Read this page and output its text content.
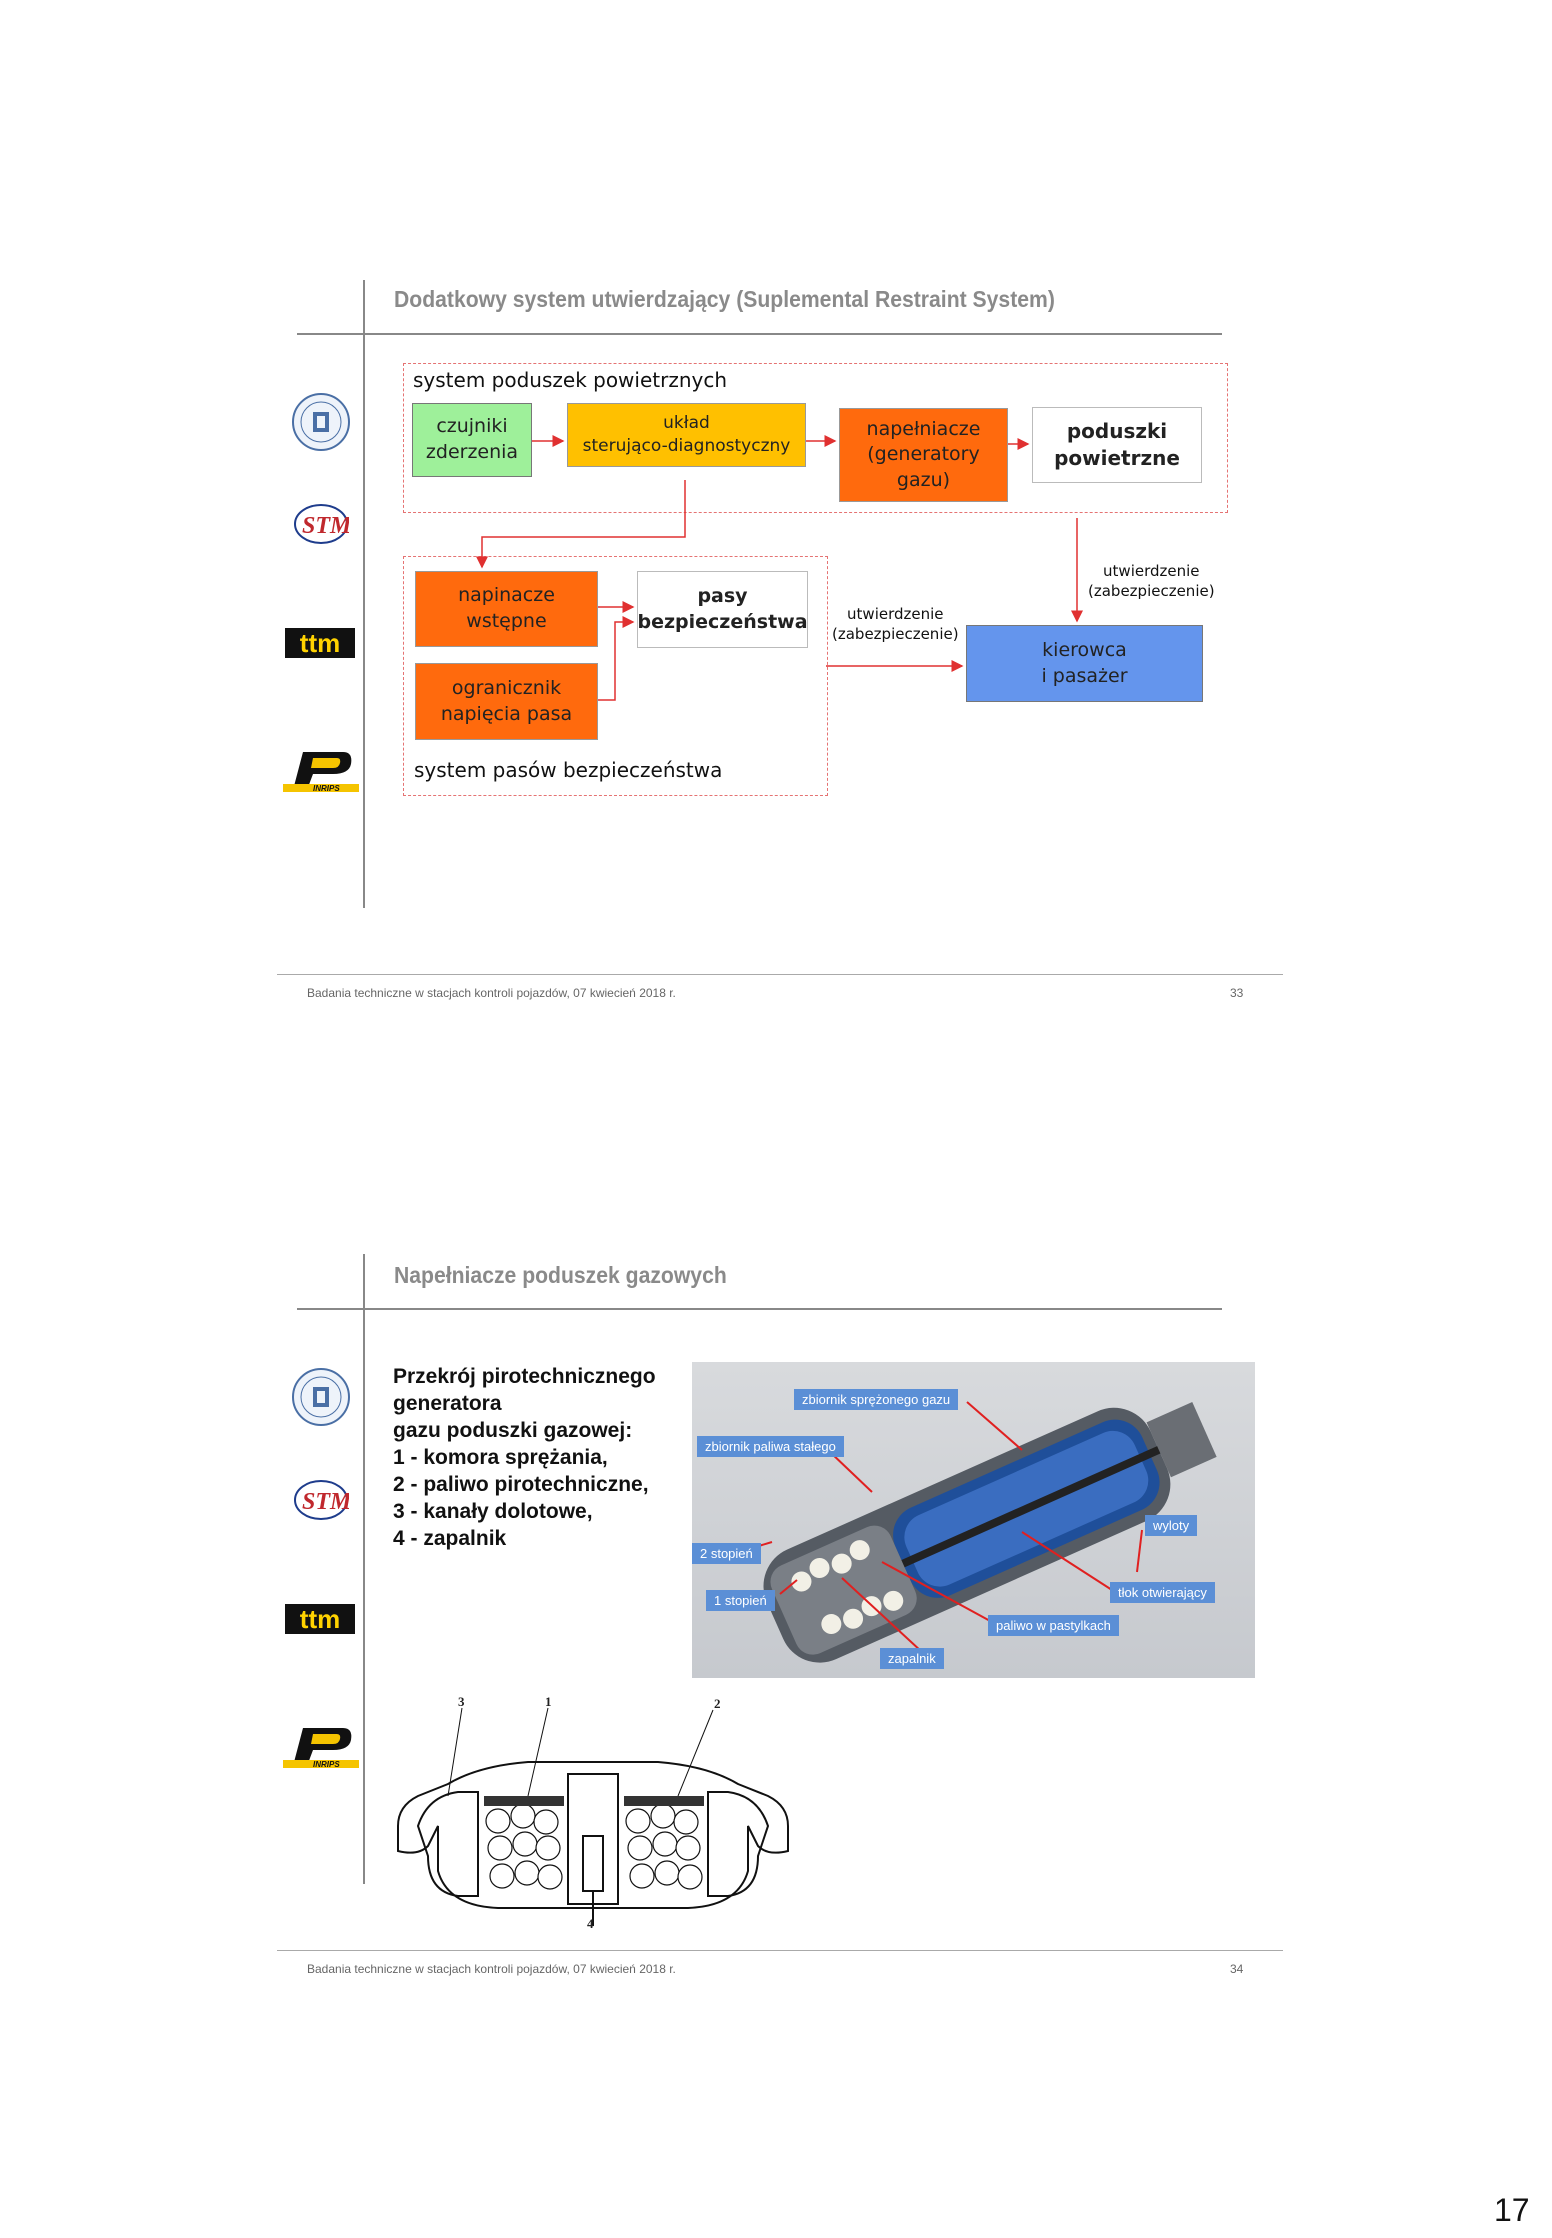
Dodatkowy system utwierdzający (Suplemental Restraint System)
STM
ttm
INRIPS
system poduszek powietrznych
czujniki
zderzenia
układ
sterująco-diagnostyczny
napełniacze
(generatory
gazu)
poduszki
powietrzne
napinacze
wstępne
pasy
bezpieczeństwa
ogranicznik
napięcia pasa
system pasów bezpieczeństwa
kierowca
i pasażer
utwierdzenie
(zabezpieczenie)
utwierdzenie
(zabezpieczenie)
Badania techniczne w stacjach kontroli pojazdów, 07 kwiecień 2018 r.	33
Napełniacze poduszek gazowych
STM
ttm
INRIPS
Przekrój pirotechnicznego
generatora
gazu poduszki gazowej:
1 - komora sprężania,
2 - paliwo pirotechniczne,
3 - kanały dolotowe,
4 - zapalnik
zbiornik sprężonego gazu
zbiornik paliwa stałego
wyloty
2 stopień
1 stopień
tłok otwierający
paliwo w pastylkach
zapalnik
3	1	2
4
Badania techniczne w stacjach kontroli pojazdów, 07 kwiecień 2018 r.	34
17
